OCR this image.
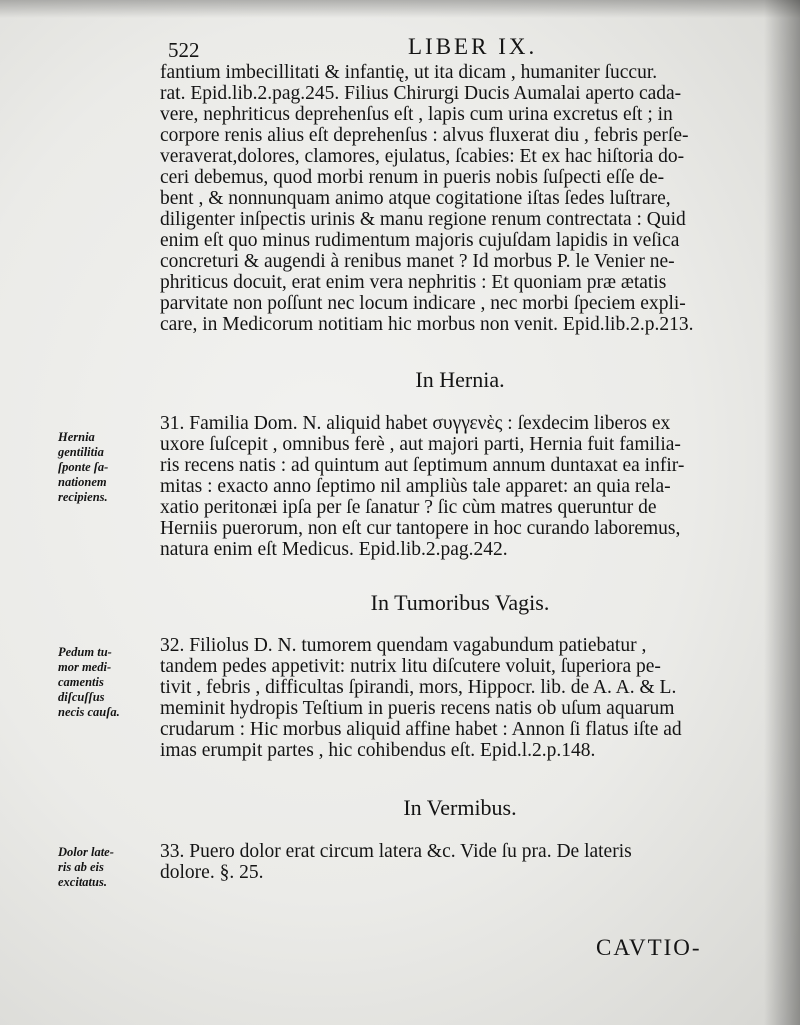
522	LIBER IX.
fantium imbecillitati & infantię, ut ita dicam , humaniter ſuccur.
rat. Epid.lib.2.pag.245. Filius Chirurgi Ducis Aumalai aperto cada-
vere, nephriticus deprehenſus eſt , lapis cum urina excretus eſt ; in
corpore renis alius eſt deprehenſus : alvus fluxerat diu , febris perſe-
veraverat,dolores, clamores, ejulatus, ſcabies: Et ex hac hiſtoria do-
ceri debemus, quod morbi renum in pueris nobis ſuſpecti eſſe de-
bent , & nonnunquam animo atque cogitatione iſtas ſedes luſtrare,
diligenter inſpectis urinis & manu regione renum contrectata : Quid
enim eſt quo minus rudimentum majoris cujuſdam lapidis in veſica
concreturi & augendi à renibus manet ? Id morbus P. le Venier ne-
phriticus docuit, erat enim vera nephritis : Et quoniam præ ætatis
parvitate non poſſunt nec locum indicare , nec morbi ſpeciem expli-
care, in Medicorum notitiam hic morbus non venit. Epid.lib.2.p.213.
In Hernia.
31. Familia Dom. N. aliquid habet συγγενὲς : ſexdecim liberos ex
uxore ſuſcepit , omnibus ferè , aut majori parti, Hernia fuit familia-
ris recens natis : ad quintum aut ſeptimum annum duntaxat ea infir-
mitas : exacto anno ſeptimo nil ampliùs tale apparet: an quia rela-
xatio peritonæi ipſa per ſe ſanatur ? ſic cùm matres queruntur de
Herniis puerorum, non eſt cur tantopere in hoc curando laboremus,
natura enim eſt Medicus. Epid.lib.2.pag.242.
Hernia
gentilitia
ſponte ſa-
nationem
recipiens.
In Tumoribus Vagis.
32. Filiolus D. N. tumorem quendam vagabundum patiebatur ,
tandem pedes appetivit: nutrix litu diſcutere voluit, ſuperiora pe-
tivit , febris , difficultas ſpirandi, mors, Hippocr. lib. de A. A. & L.
meminit hydropis Teſtium in pueris recens natis ob uſum aquarum
crudarum : Hic morbus aliquid affine habet : Annon ſi flatus iſte ad
imas erumpit partes , hic cohibendus eſt. Epid.l.2.p.148.
Pedum tu-
mor medi-
camentis
diſcuſſus
necis cauſa.
In Vermibus.
33. Puero dolor erat circum latera &c. Vide ſu pra. De lateris
dolore. §. 25.
Dolor late-
ris ab eis
excitatus.
CAVTIO-
